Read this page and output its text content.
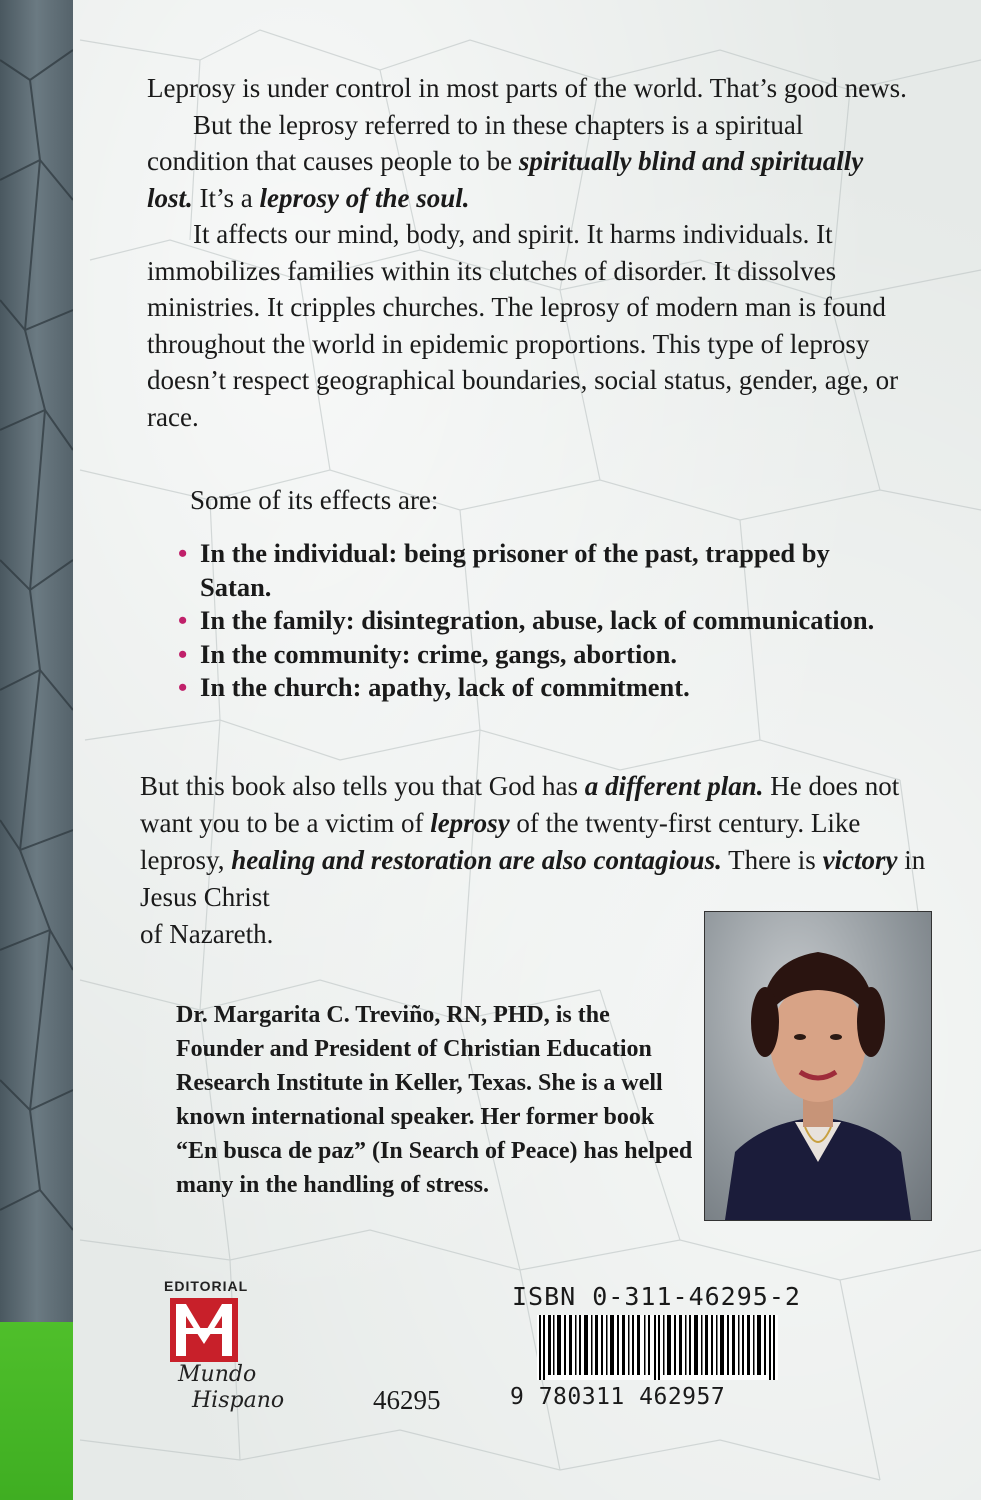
Leprosy is under control in most parts of the world. That’s good news.

But the leprosy referred to in these chapters is a spiritual condition that causes people to be spiritually blind and spiritually lost. It’s a leprosy of the soul.

It affects our mind, body, and spirit. It harms individuals. It immobilizes families within its clutches of disorder. It dissolves ministries. It cripples churches. The leprosy of modern man is found throughout the world in epidemic proportions. This type of leprosy doesn’t respect geographical boundaries, social status, gender, age, or race.

Some of its effects are:
• In the individual: being prisoner of the past, trapped by Satan.
• In the family: disintegration, abuse, lack of communication.
• In the community: crime, gangs, abortion.
• In the church: apathy, lack of commitment.

But this book also tells you that God has a different plan. He does not want you to be a victim of leprosy of the twenty-first century. Like leprosy, healing and restoration are also contagious. There is victory in Jesus Christ

of Nazareth.

Dr. Margarita C. Treviño, RN, PHD, is the Founder and President of Christian Education Research Institute in Keller, Texas. She is a well known international speaker. Her former book “En busca de paz” (In Search of Peace) has helped many in the handling of stress.
EDITORIAL
Mundo
Hispano	46295
ISBN 0-311-46295-2
9 780311 462957
